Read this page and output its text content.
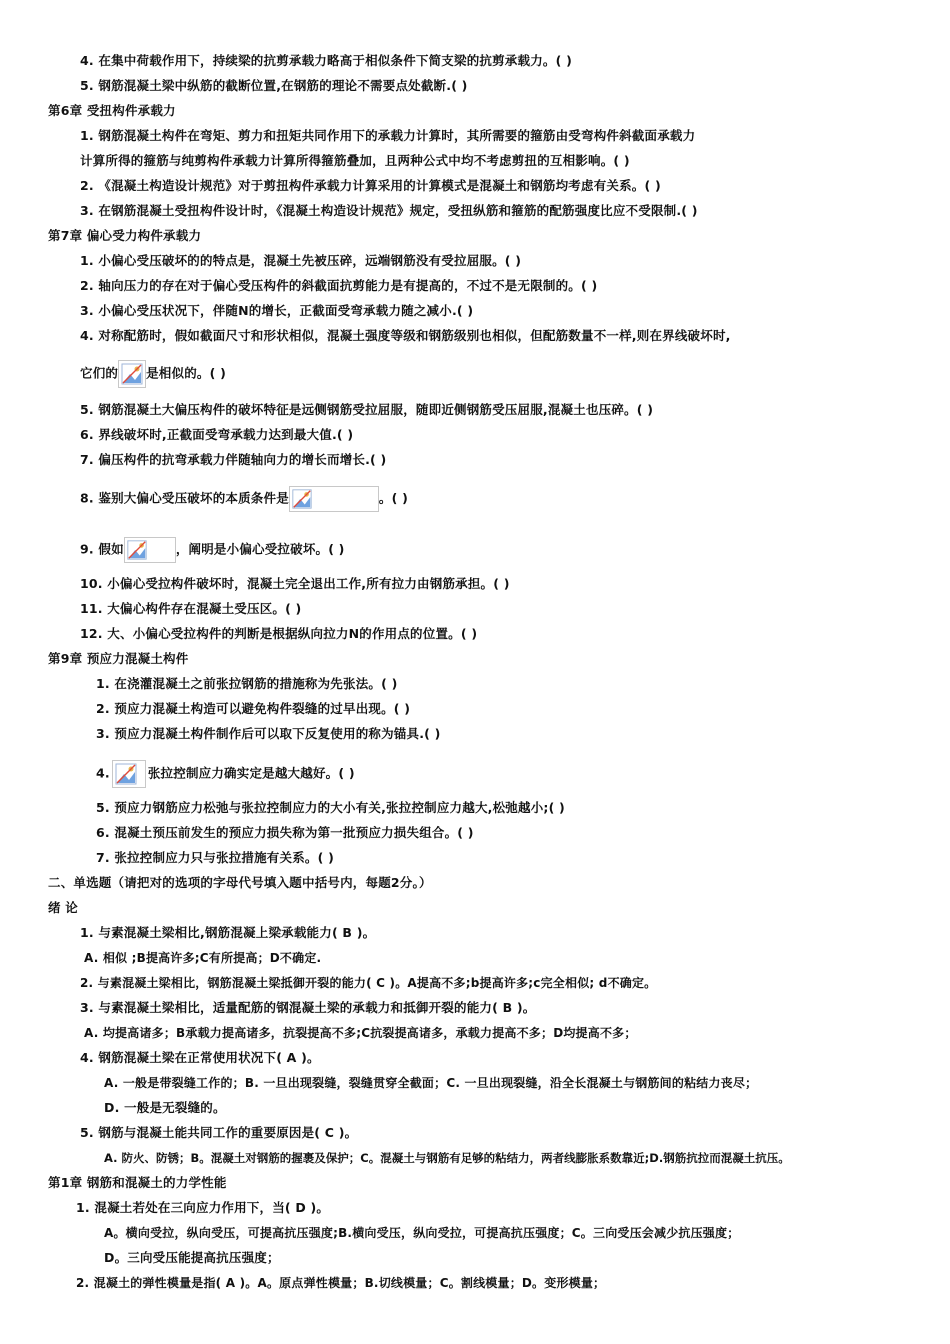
4. 在集中荷载作用下，持续梁的抗剪承载力略高于相似条件下简支梁的抗剪承载力。( )
5. 钢筋混凝土梁中纵筋的截断位置,在钢筋的理论不需要点处截断.( )
第6章 受扭构件承载力
1. 钢筋混凝土构件在弯矩、剪力和扭矩共同作用下的承载力计算时，其所需要的箍筋由受弯构件斜截面承载力
计算所得的箍筋与纯剪构件承载力计算所得箍筋叠加，且两种公式中均不考虑剪扭的互相影响。( )
2. 《混凝土构造设计规范》对于剪扭构件承载力计算采用的计算模式是混凝土和钢筋均考虑有关系。( )
3. 在钢筋混凝土受扭构件设计时，《混凝土构造设计规范》规定，受扭纵筋和箍筋的配筋强度比应不受限制.( )
第7章 偏心受力构件承载力
1. 小偏心受压破坏的的特点是，混凝土先被压碎，远端钢筋没有受拉屈服。( )
2. 轴向压力的存在对于偏心受压构件的斜截面抗剪能力是有提高的，不过不是无限制的。( )
3. 小偏心受压状况下，伴随N的增长，正截面受弯承载力随之减小.( )
4. 对称配筋时，假如截面尺寸和形状相似，混凝土强度等级和钢筋级别也相似，但配筋数量不一样,则在界线破坏时,
它们的 是相似的。( )
5. 钢筋混凝土大偏压构件的破坏特征是远侧钢筋受拉屈服，随即近侧钢筋受压屈服,混凝土也压碎。( )
6. 界线破坏时,正截面受弯承载力达到最大值.( )
7. 偏压构件的抗弯承载力伴随轴向力的增长而增长.( )
8. 鉴别大偏心受压破坏的本质条件是	。( )
9. 假如	，阐明是小偏心受拉破坏。( )
10. 小偏心受拉构件破坏时，混凝土完全退出工作,所有拉力由钢筋承担。( )
11. 大偏心构件存在混凝土受压区。( )
12. 大、小偏心受拉构件的判断是根据纵向拉力N的作用点的位置。( )
第9章 预应力混凝土构件
1. 在浇灌混凝土之前张拉钢筋的措施称为先张法。( )
2. 预应力混凝土构造可以避免构件裂缝的过早出现。( )
3. 预应力混凝土构件制作后可以取下反复使用的称为锚具.( )
4.	张拉控制应力确实定是越大越好。( )
5. 预应力钢筋应力松弛与张拉控制应力的大小有关,张拉控制应力越大,松弛越小;( )
6. 混凝土预压前发生的预应力损失称为第一批预应力损失组合。( )
7. 张拉控制应力只与张拉措施有关系。( )
二、单选题（请把对的选项的字母代号填入题中括号内，每题2分。）
绪 论
1. 与素混凝土梁相比,钢筋混凝上梁承载能力( B )。
A. 相似 ;B提高许多;C有所提高；D不确定.
2. 与素混凝土梁相比，钢筋混凝土梁抵御开裂的能力( C )。A提高不多;b提高许多;c完全相似; d不确定。
3. 与素混凝土梁相比，适量配筋的钢混凝土梁的承载力和抵御开裂的能力( B )。
A. 均提高诸多；B承载力提高诸多，抗裂提高不多;C抗裂提高诸多，承载力提高不多；D均提高不多；
4. 钢筋混凝土梁在正常使用状况下( A )。
A. 一般是带裂缝工作的；B. 一旦出现裂缝，裂缝贯穿全截面；C. 一旦出现裂缝，沿全长混凝土与钢筋间的粘结力丧尽；
D. 一般是无裂缝的。
5. 钢筋与混凝土能共同工作的重要原因是( C )。
A. 防火、防锈；B。混凝土对钢筋的握裹及保护；C。混凝土与钢筋有足够的粘结力，两者线膨胀系数靠近;D.钢筋抗拉而混凝土抗压。
第1章 钢筋和混凝土的力学性能
1. 混凝土若处在三向应力作用下，当( D )。
A。横向受拉，纵向受压，可提高抗压强度;B.横向受压，纵向受拉，可提高抗压强度；C。三向受压会减少抗压强度；
D。三向受压能提高抗压强度；
2. 混凝土的弹性模量是指( A )。A。原点弹性模量；B.切线模量；C。割线模量；D。变形模量；
